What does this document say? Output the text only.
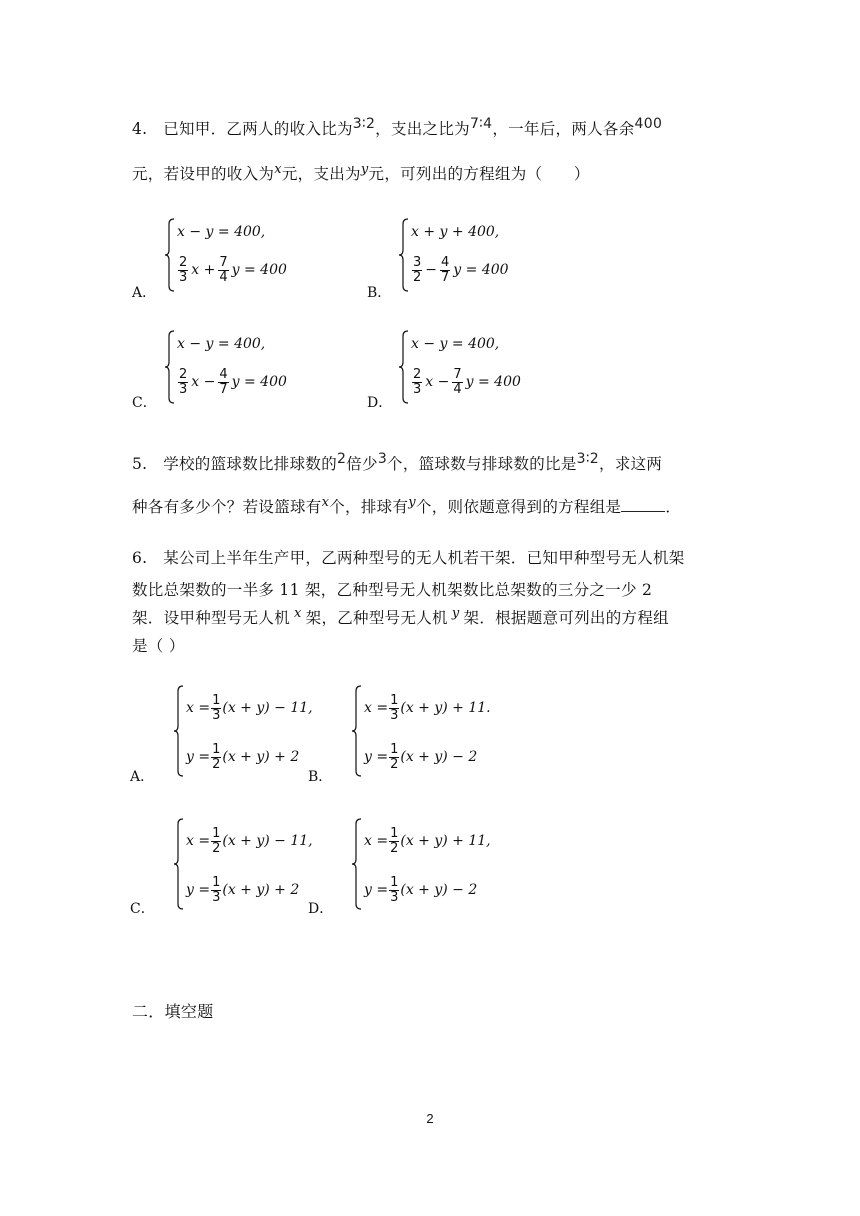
4.　已知甲．乙两人的收入比为3∶2，支出之比为7∶4，一年后，两人各余400
元，若设甲的收入为$^x$元，支出为$^y$元，可列出的方程组为（　　）
A．
x − y = 400,
$\frac{2}{3}$ $x + \frac{7}{4}$ y = 400
B．
x + y + 400,
$\frac{3}{2} - \frac{4}{7}$ y = 400
C．
x − y = 400,
$\frac{2}{3}$ $x - \frac{4}{7}$ y = 400
D．
x − y = 400,
$\frac{2}{3}$ $x - \frac{7}{4}$ y = 400
5.　学校的篮球数比排球数的2倍少3个，篮球数与排球数的比是3∶2，求这两
种各有多少个？若设篮球有$^x$个，排球有$^y$个，则依题意得到的方程组是	．
6.　某公司上半年生产甲，乙两种型号的无人机若干架．已知甲种型号无人机架
数比总架数的一半多 11 架，乙种型号无人机架数比总架数的三分之一少 2
架．设甲种型号无人机 $^x$ 架，乙种型号无人机 $^y$ 架．根据题意可列出的方程组
是（ ）
A．
$x = \frac{1}{3} (x + y) - 11$,
$y = \frac{1}{2} (x + y) + 2$
B．
$x = \frac{1}{3} (x + y) + 11$.
$y = \frac{1}{2} (x + y) - 2$
C．
$x = \frac{1}{2} (x + y) - 11$,
$y = \frac{1}{3} (x + y) + 2$
D．
$x = \frac{1}{2} (x + y) + 11$,
$y = \frac{1}{3} (x + y) - 2$
二．填空题
2
